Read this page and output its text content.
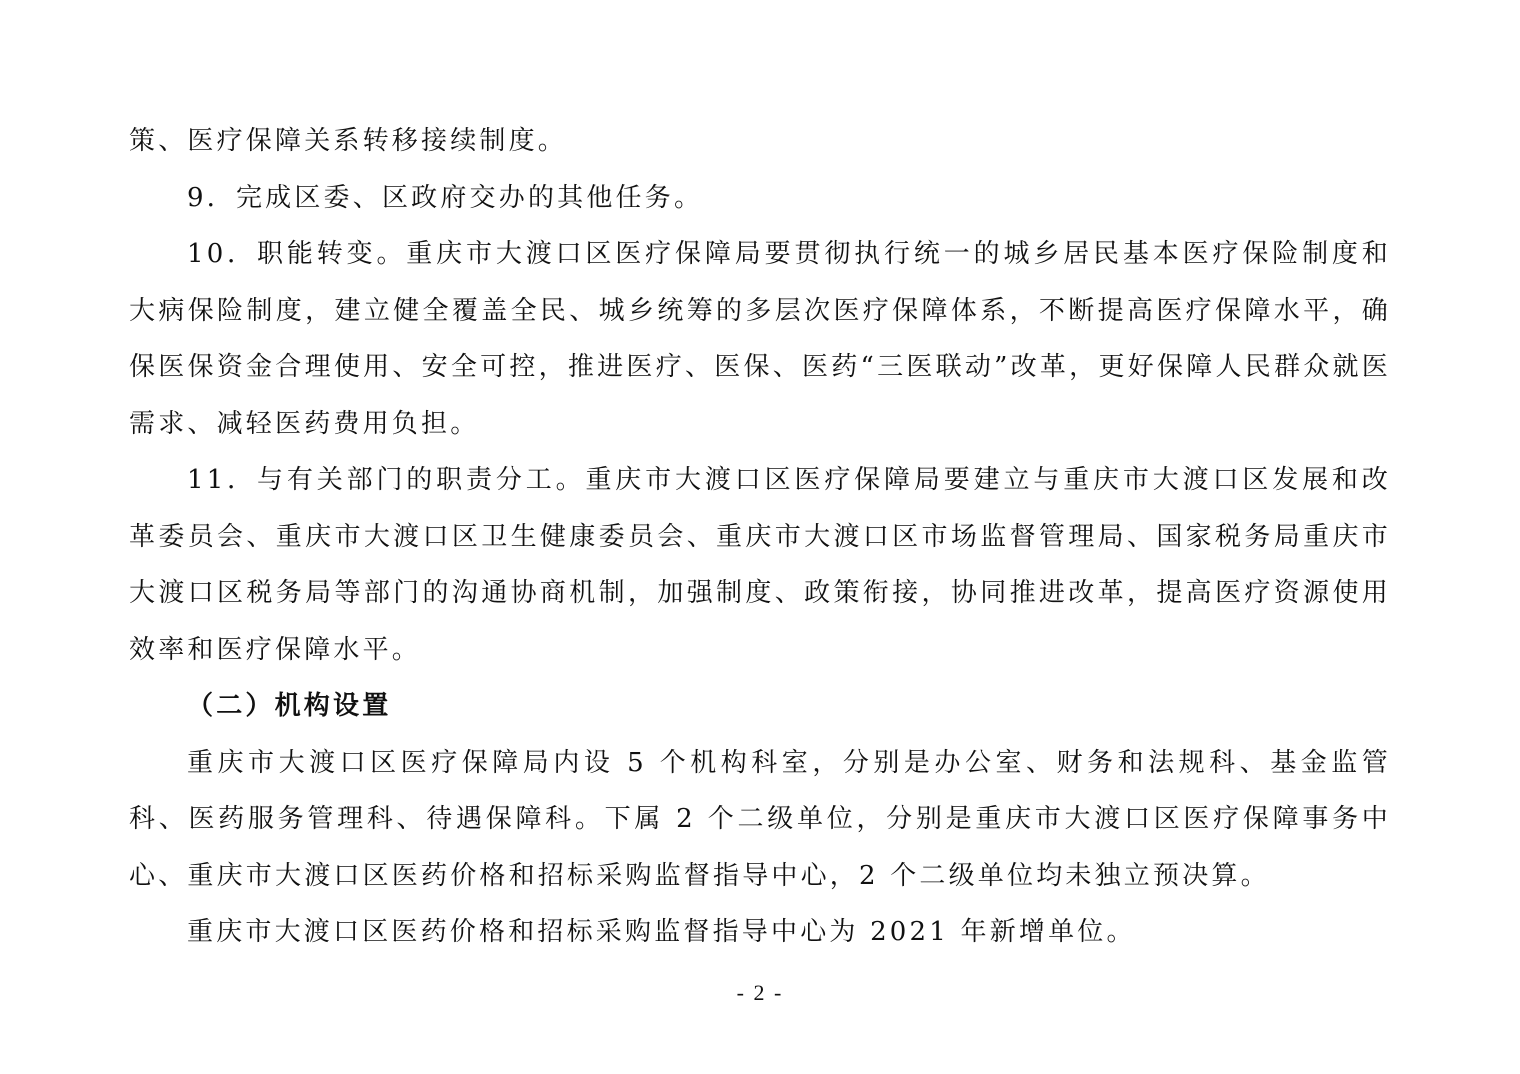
策、医疗保障关系转移接续制度。

9．完成区委、区政府交办的其他任务。

10．职能转变。重庆市大渡口区医疗保障局要贯彻执行统一的城乡居民基本医疗保险制度和大病保险制度，建立健全覆盖全民、城乡统筹的多层次医疗保障体系，不断提高医疗保障水平，确保医保资金合理使用、安全可控，推进医疗、医保、医药“三医联动”改革，更好保障人民群众就医需求、减轻医药费用负担。

11．与有关部门的职责分工。重庆市大渡口区医疗保障局要建立与重庆市大渡口区发展和改革委员会、重庆市大渡口区卫生健康委员会、重庆市大渡口区市场监督管理局、国家税务局重庆市大渡口区税务局等部门的沟通协商机制，加强制度、政策衔接，协同推进改革，提高医疗资源使用效率和医疗保障水平。

（二）机构设置

重庆市大渡口区医疗保障局内设 5 个机构科室，分别是办公室、财务和法规科、基金监管科、医药服务管理科、待遇保障科。下属 2 个二级单位，分别是重庆市大渡口区医疗保障事务中心、重庆市大渡口区医药价格和招标采购监督指导中心，2 个二级单位均未独立预决算。

重庆市大渡口区医药价格和招标采购监督指导中心为 2021 年新增单位。

- 2 -
